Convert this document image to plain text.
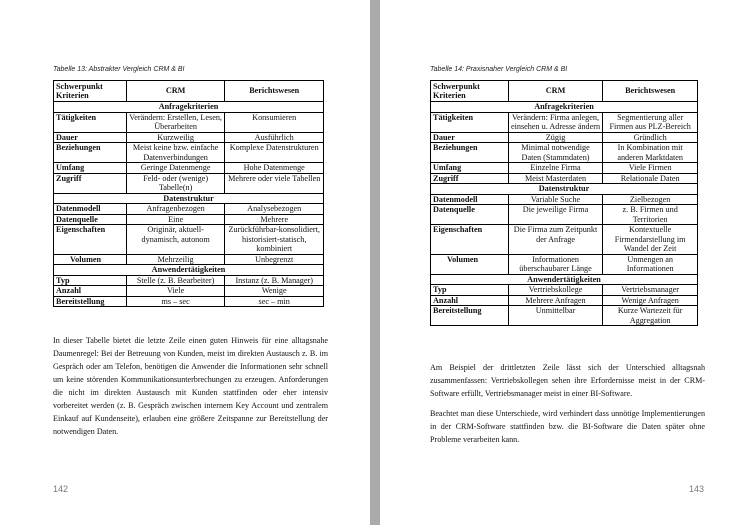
Tabelle 13: Abstrakter Vergleich CRM & BI
Schwerpunkt Kriterien	CRM	Berichtswesen
Anfragekriterien		
Tätigkeiten	Verändern: Erstellen, Lesen, Überarbeiten	Konsumieren
Dauer	Kurzweilig	Ausführlich
Beziehungen	Meist keine bzw. einfache Datenverbindungen	Komplexe Datenstrukturen
Umfang	Geringe Datenmenge	Hohe Datenmenge
Zugriff	Feld- oder (wenige) Tabelle(n)	Mehrere oder viele Tabellen
Datenstruktur		
Datenmodell	Anfragenbezogen	Analysebezogen
Datenquelle	Eine	Mehrere
Eigenschaften	Originär, aktuell-dynamisch, autonom	Zurückführbar-konsolidiert, historisiert-statisch, kombiniert
Volumen	Mehrzeilig	Unbegrenzt
Anwendertätigkeiten		
Typ	Stelle (z. B. Bearbeiter)	Instanz (z. B. Manager)
Anzahl	Viele	Wenige
Bereitstellung	ms – sec	sec – min

In dieser Tabelle bietet die letzte Zeile einen guten Hinweis für eine alltagsnahe Daumenregel: Bei der Betreuung von Kunden, meist im direkten Austausch z. B. im Gespräch oder am Telefon, benötigen die Anwender die Informationen sehr schnell um keine störenden Kommunikationsunterbrechungen zu erzeugen. Anforderungen die nicht im direkten Austausch mit Kunden stattfinden oder eher intensiv vorbereitet werden (z. B. Gespräch zwischen internem Key Account und zentralem Einkauf auf Kundenseite), erlauben eine größere Zeitspanne zur Bereitstellung der notwendigen Daten.

142
Tabelle 14: Praxisnaher Vergleich CRM & BI
Schwerpunkt Kriterien	CRM	Berichtswesen
Anfragekriterien		
Tätigkeiten	Verändern: Firma anlegen, einsehen u. Adresse ändern	Segmentierung aller Firmen aus PLZ-Bereich
Dauer	Zügig	Gründlich
Beziehungen	Minimal notwendige Daten (Stammdaten)	In Kombination mit anderen Marktdaten
Umfang	Einzelne Firma	Viele Firmen
Zugriff	Meist Masterdaten	Relationale Daten
Datenstruktur		
Datenmodell	Variable Suche	Zielbezogen
Datenquelle	Die jeweilige Firma	z. B. Firmen und Territorien
Eigenschaften	Die Firma zum Zeitpunkt der Anfrage	Kontextuelle Firmendarstellung im Wandel der Zeit
Volumen	Informationen überschaubarer Länge	Unmengen an Informationen
Anwendertätigkeiten		
Typ	Vertriebskollege	Vertriebsmanager
Anzahl	Mehrere Anfragen	Wenige Anfragen
Bereitstellung	Unmittelbar	Kurze Wartezeit für Aggregation

Am Beispiel der drittletzten Zeile lässt sich der Unterschied alltagsnah zusammenfassen: Vertriebskollegen sehen ihre Erfordernisse meist in der CRM-Software erfüllt, Vertriebsmanager meist in einer BI-Software.

Beachtet man diese Unterschiede, wird verhindert dass unnötige Implementierungen in der CRM-Software stattfinden bzw. die BI-Software die Daten später ohne Probleme verarbeiten kann.

143
